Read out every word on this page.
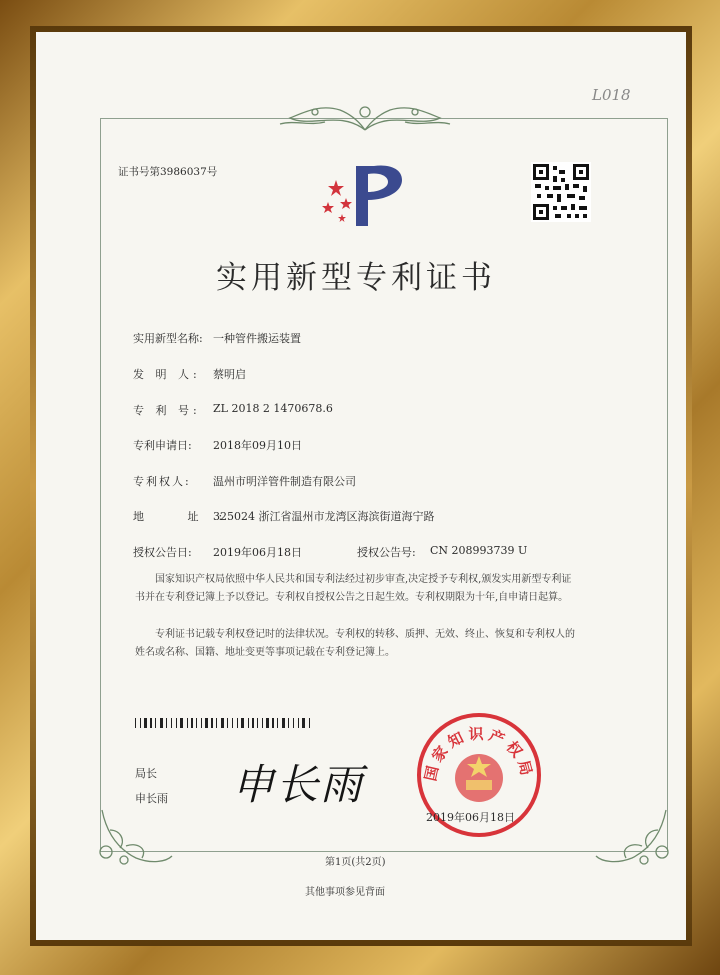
L018
证书号第3986037号
实用新型专利证书
实用新型名称: 一种管件搬运装置
发 明 人: 蔡明启
专 利 号: ZL 2018 2 1470678.6
专利申请日: 2018年09月10日
专利权人: 温州市明洋管件制造有限公司
地 址:
325024 浙江省温州市龙湾区海滨街道海宁路
授权公告日: 2019年06月18日	授权公告号: CN 208993739 U
国家知识产权局依照中华人民共和国专利法经过初步审查,决定授予专利权,颁发实用新型专利证书并在专利登记簿上予以登记。专利权自授权公告之日起生效。专利权期限为十年,自申请日起算。
专利证书记载专利权登记时的法律状况。专利权的转移、质押、无效、终止、恢复和专利权人的姓名或名称、国籍、地址变更等事项记载在专利登记簿上。
局长
申长雨 申长雨	国家知识产权局
2019年06月18日
第1页(共2页)
其他事项参见背面
